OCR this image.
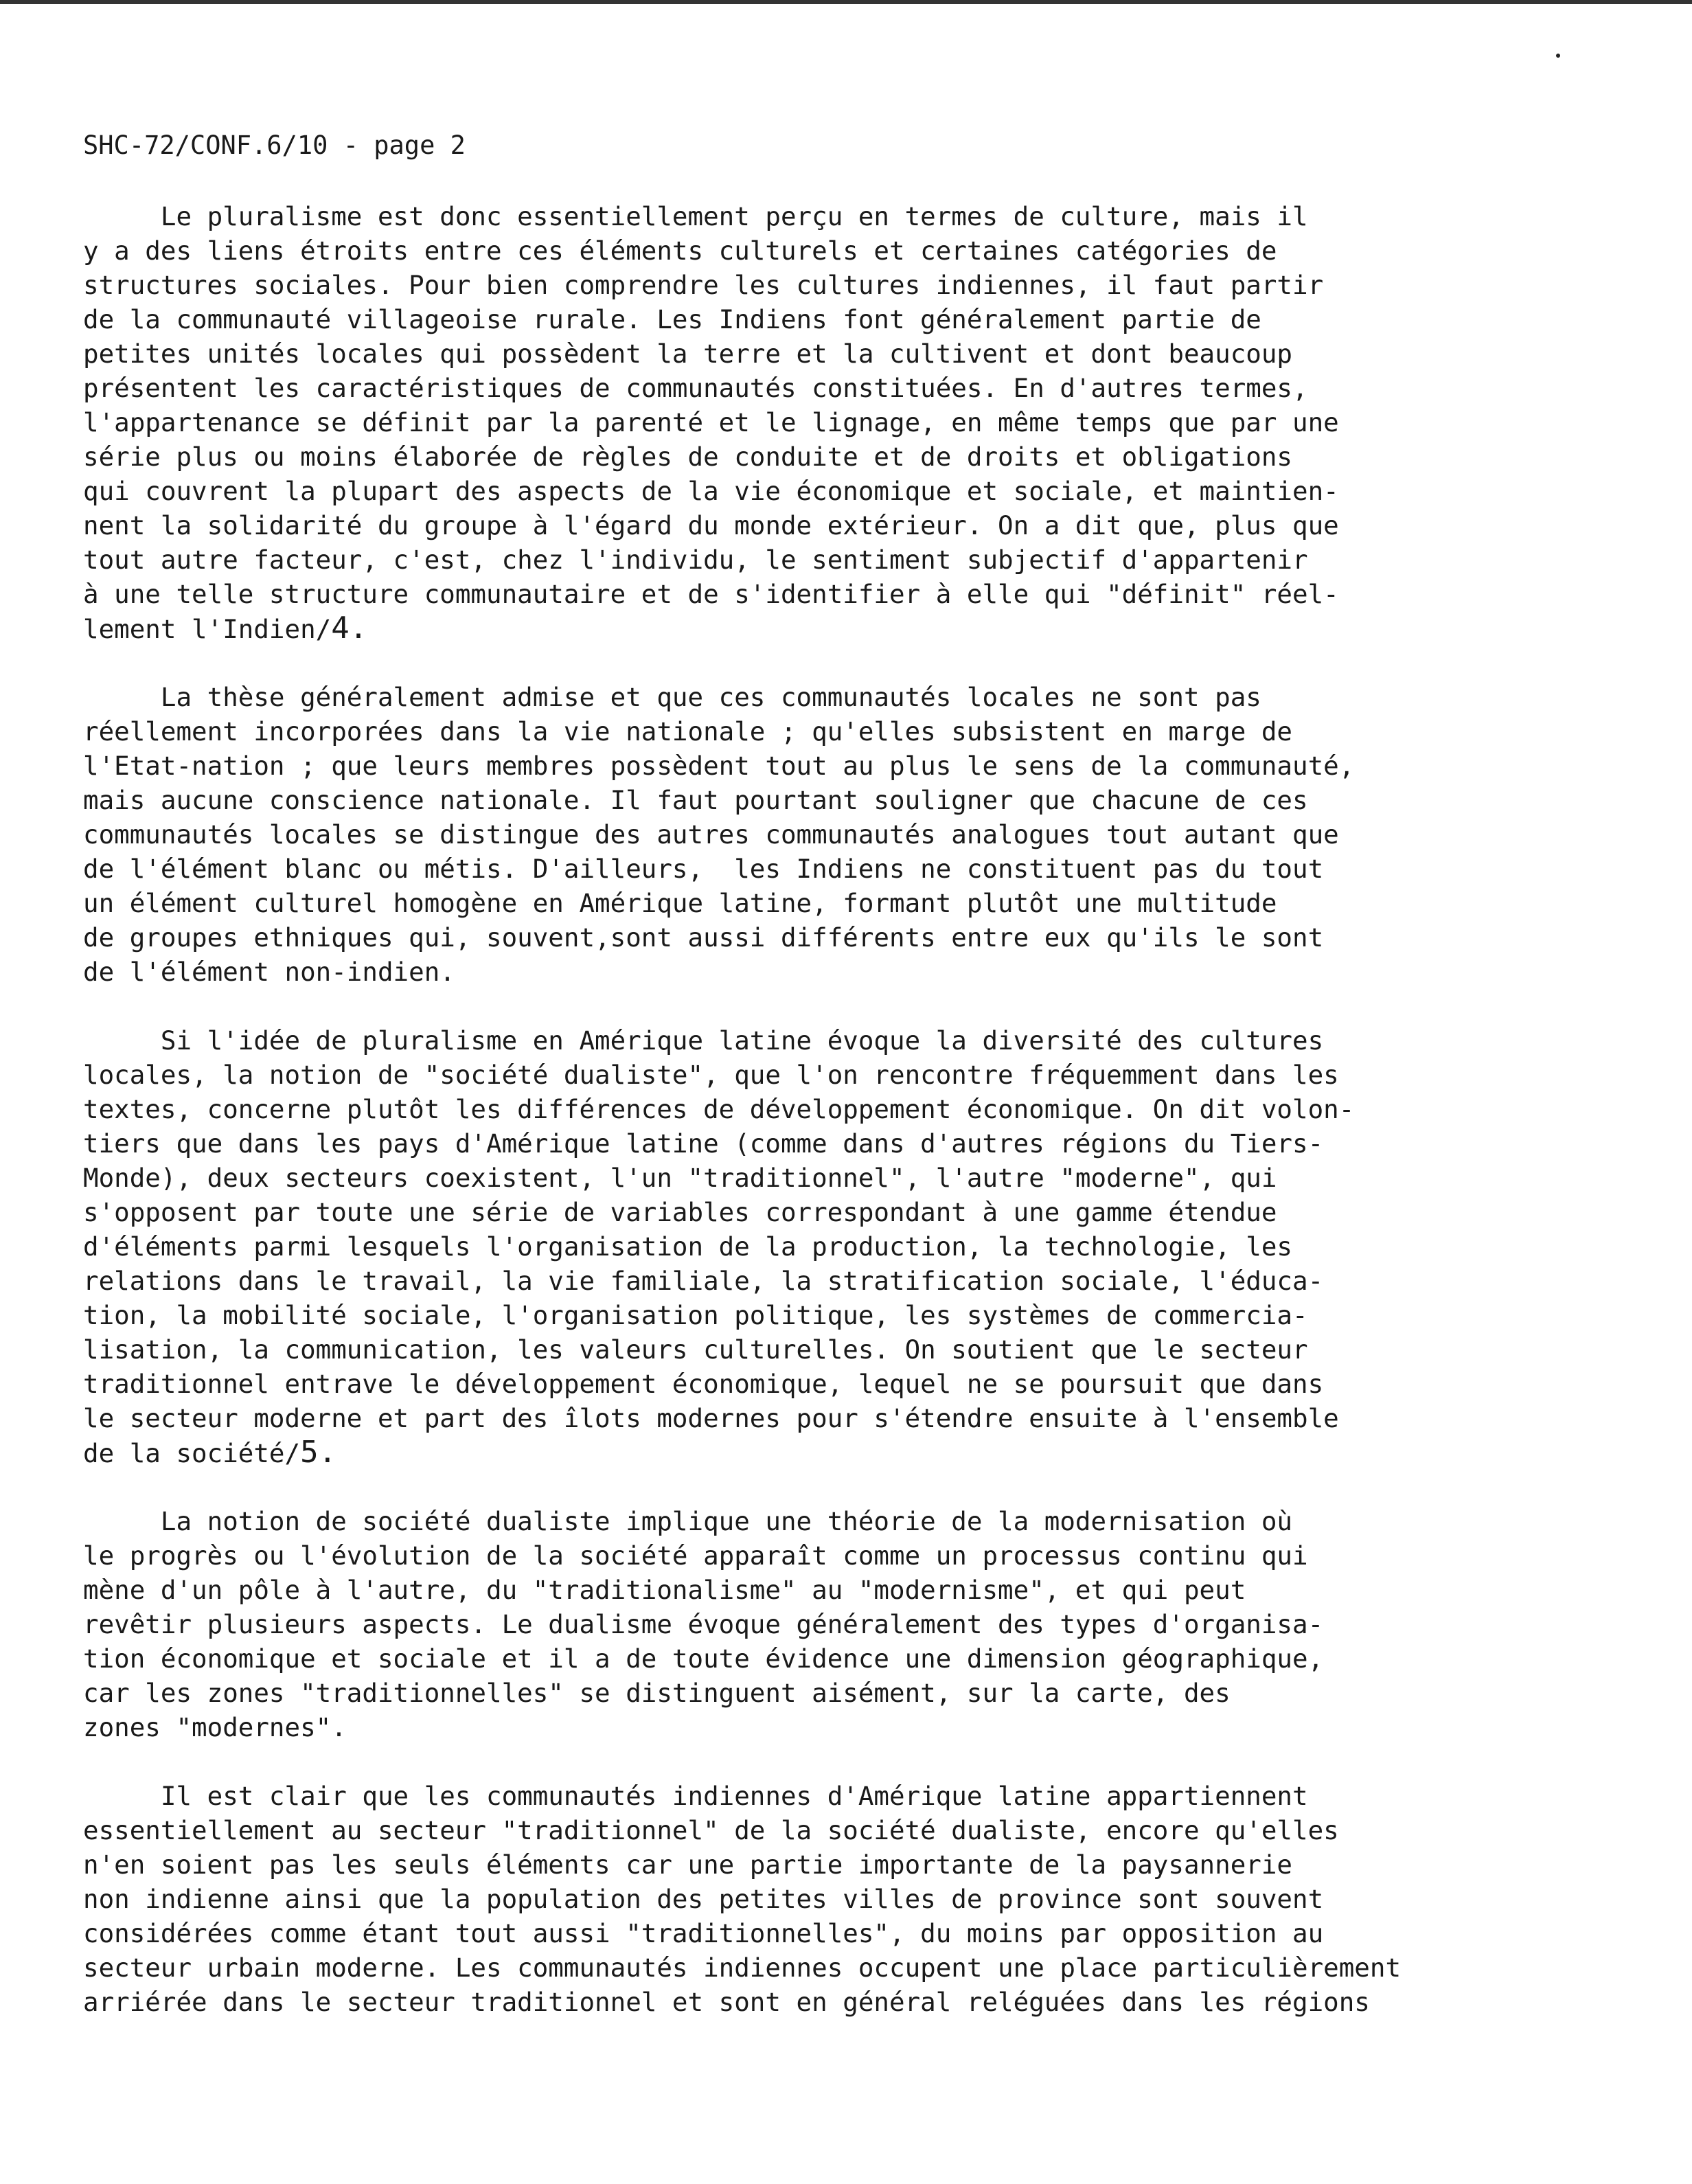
SHC-72/CONF.6/10 - page 2
Le pluralisme est donc essentiellement perçu en termes de culture, mais il
y a des liens étroits entre ces éléments culturels et certaines catégories de
structures sociales. Pour bien comprendre les cultures indiennes, il faut partir
de la communauté villageoise rurale. Les Indiens font généralement partie de
petites unités locales qui possèdent la terre et la cultivent et dont beaucoup
présentent les caractéristiques de communautés constituées. En d'autres termes,
l'appartenance se définit par la parenté et le lignage, en même temps que par une
série plus ou moins élaborée de règles de conduite et de droits et obligations
qui couvrent la plupart des aspects de la vie économique et sociale, et maintien-
nent la solidarité du groupe à l'égard du monde extérieur. On a dit que, plus que
tout autre facteur, c'est, chez l'individu, le sentiment subjectif d'appartenir
à une telle structure communautaire et de s'identifier à elle qui "définit" réel-
lement l'Indien/4.
La thèse généralement admise et que ces communautés locales ne sont pas
réellement incorporées dans la vie nationale ; qu'elles subsistent en marge de
l'Etat-nation ; que leurs membres possèdent tout au plus le sens de la communauté,
mais aucune conscience nationale. Il faut pourtant souligner que chacune de ces
communautés locales se distingue des autres communautés analogues tout autant que
de l'élément blanc ou métis. D'ailleurs,  les Indiens ne constituent pas du tout
un élément culturel homogène en Amérique latine, formant plutôt une multitude
de groupes ethniques qui, souvent,sont aussi différents entre eux qu'ils le sont
de l'élément non-indien.
Si l'idée de pluralisme en Amérique latine évoque la diversité des cultures
locales, la notion de "société dualiste", que l'on rencontre fréquemment dans les
textes, concerne plutôt les différences de développement économique. On dit volon-
tiers que dans les pays d'Amérique latine (comme dans d'autres régions du Tiers-
Monde), deux secteurs coexistent, l'un "traditionnel", l'autre "moderne", qui
s'opposent par toute une série de variables correspondant à une gamme étendue
d'éléments parmi lesquels l'organisation de la production, la technologie, les
relations dans le travail, la vie familiale, la stratification sociale, l'éduca-
tion, la mobilité sociale, l'organisation politique, les systèmes de commercia-
lisation, la communication, les valeurs culturelles. On soutient que le secteur
traditionnel entrave le développement économique, lequel ne se poursuit que dans
le secteur moderne et part des îlots modernes pour s'étendre ensuite à l'ensemble
de la société/5.
La notion de société dualiste implique une théorie de la modernisation où
le progrès ou l'évolution de la société apparaît comme un processus continu qui
mène d'un pôle à l'autre, du "traditionalisme" au "modernisme", et qui peut
revêtir plusieurs aspects. Le dualisme évoque généralement des types d'organisa-
tion économique et sociale et il a de toute évidence une dimension géographique,
car les zones "traditionnelles" se distinguent aisément, sur la carte, des
zones "modernes".
Il est clair que les communautés indiennes d'Amérique latine appartiennent
essentiellement au secteur "traditionnel" de la société dualiste, encore qu'elles
n'en soient pas les seuls éléments car une partie importante de la paysannerie
non indienne ainsi que la population des petites villes de province sont souvent
considérées comme étant tout aussi "traditionnelles", du moins par opposition au
secteur urbain moderne. Les communautés indiennes occupent une place particulièrement
arriérée dans le secteur traditionnel et sont en général reléguées dans les régions
